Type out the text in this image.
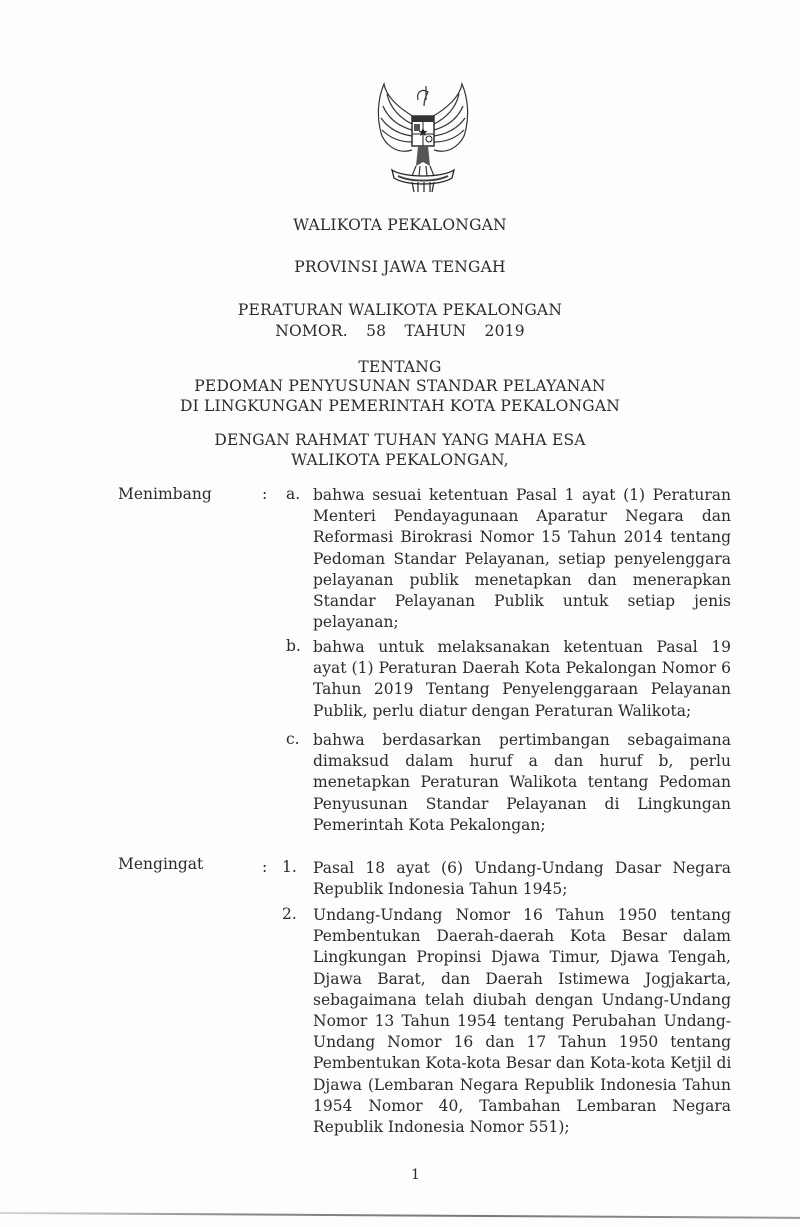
WALIKOTA PEKALONGAN
PROVINSI JAWA TENGAH
PERATURAN WALIKOTA PEKALONGAN
NOMOR.  58  TAHUN  2019
TENTANG
PEDOMAN PENYUSUNAN STANDAR PELAYANAN
DI LINGKUNGAN PEMERINTAH KOTA PEKALONGAN
DENGAN RAHMAT TUHAN YANG MAHA ESA
WALIKOTA PEKALONGAN,
Menimbang	: a. bahwa sesuai ketentuan Pasal 1 ayat (1) Peraturan
Menteri Pendayagunaan Aparatur Negara dan
Reformasi Birokrasi Nomor 15 Tahun 2014 tentang
Pedoman Standar Pelayanan, setiap penyelenggara
pelayanan publik menetapkan dan menerapkan
Standar Pelayanan Publik untuk setiap jenis
pelayanan;
b. bahwa untuk melaksanakan ketentuan Pasal 19
ayat (1) Peraturan Daerah Kota Pekalongan Nomor 6
Tahun 2019 Tentang Penyelenggaraan Pelayanan
Publik, perlu diatur dengan Peraturan Walikota;
c. bahwa berdasarkan pertimbangan sebagaimana
dimaksud dalam huruf a dan huruf b, perlu
menetapkan Peraturan Walikota tentang Pedoman
Penyusunan Standar Pelayanan di Lingkungan
Pemerintah Kota Pekalongan;
Mengingat	: 1. Pasal 18 ayat (6) Undang-Undang Dasar Negara
Republik Indonesia Tahun 1945;
2. Undang-Undang Nomor 16 Tahun 1950 tentang
Pembentukan Daerah-daerah Kota Besar dalam
Lingkungan Propinsi Djawa Timur, Djawa Tengah,
Djawa Barat, dan Daerah Istimewa Jogjakarta,
sebagaimana telah diubah dengan Undang-Undang
Nomor 13 Tahun 1954 tentang Perubahan Undang-
Undang Nomor 16 dan 17 Tahun 1950 tentang
Pembentukan Kota-kota Besar dan Kota-kota Ketjil di
Djawa (Lembaran Negara Republik Indonesia Tahun
1954 Nomor 40, Tambahan Lembaran Negara
Republik Indonesia Nomor 551);
1
